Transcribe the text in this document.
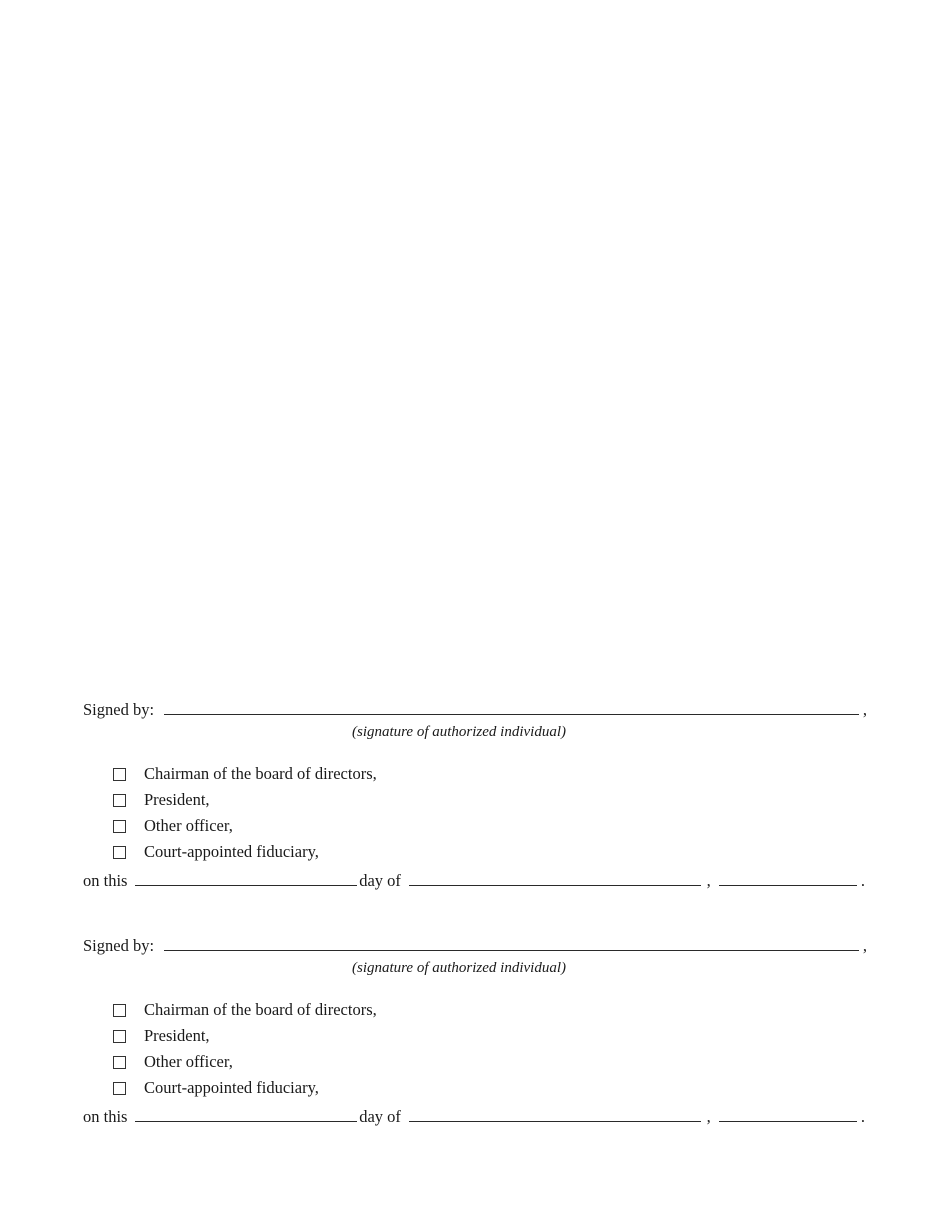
Signed by:	,
(signature of authorized individual)
Chairman of the board of directors,
President,
Other officer,
Court-appointed fiduciary,
on this	day of	,	.
Signed by:	,
(signature of authorized individual)
Chairman of the board of directors,
President,
Other officer,
Court-appointed fiduciary,
on this	day of	,	.
